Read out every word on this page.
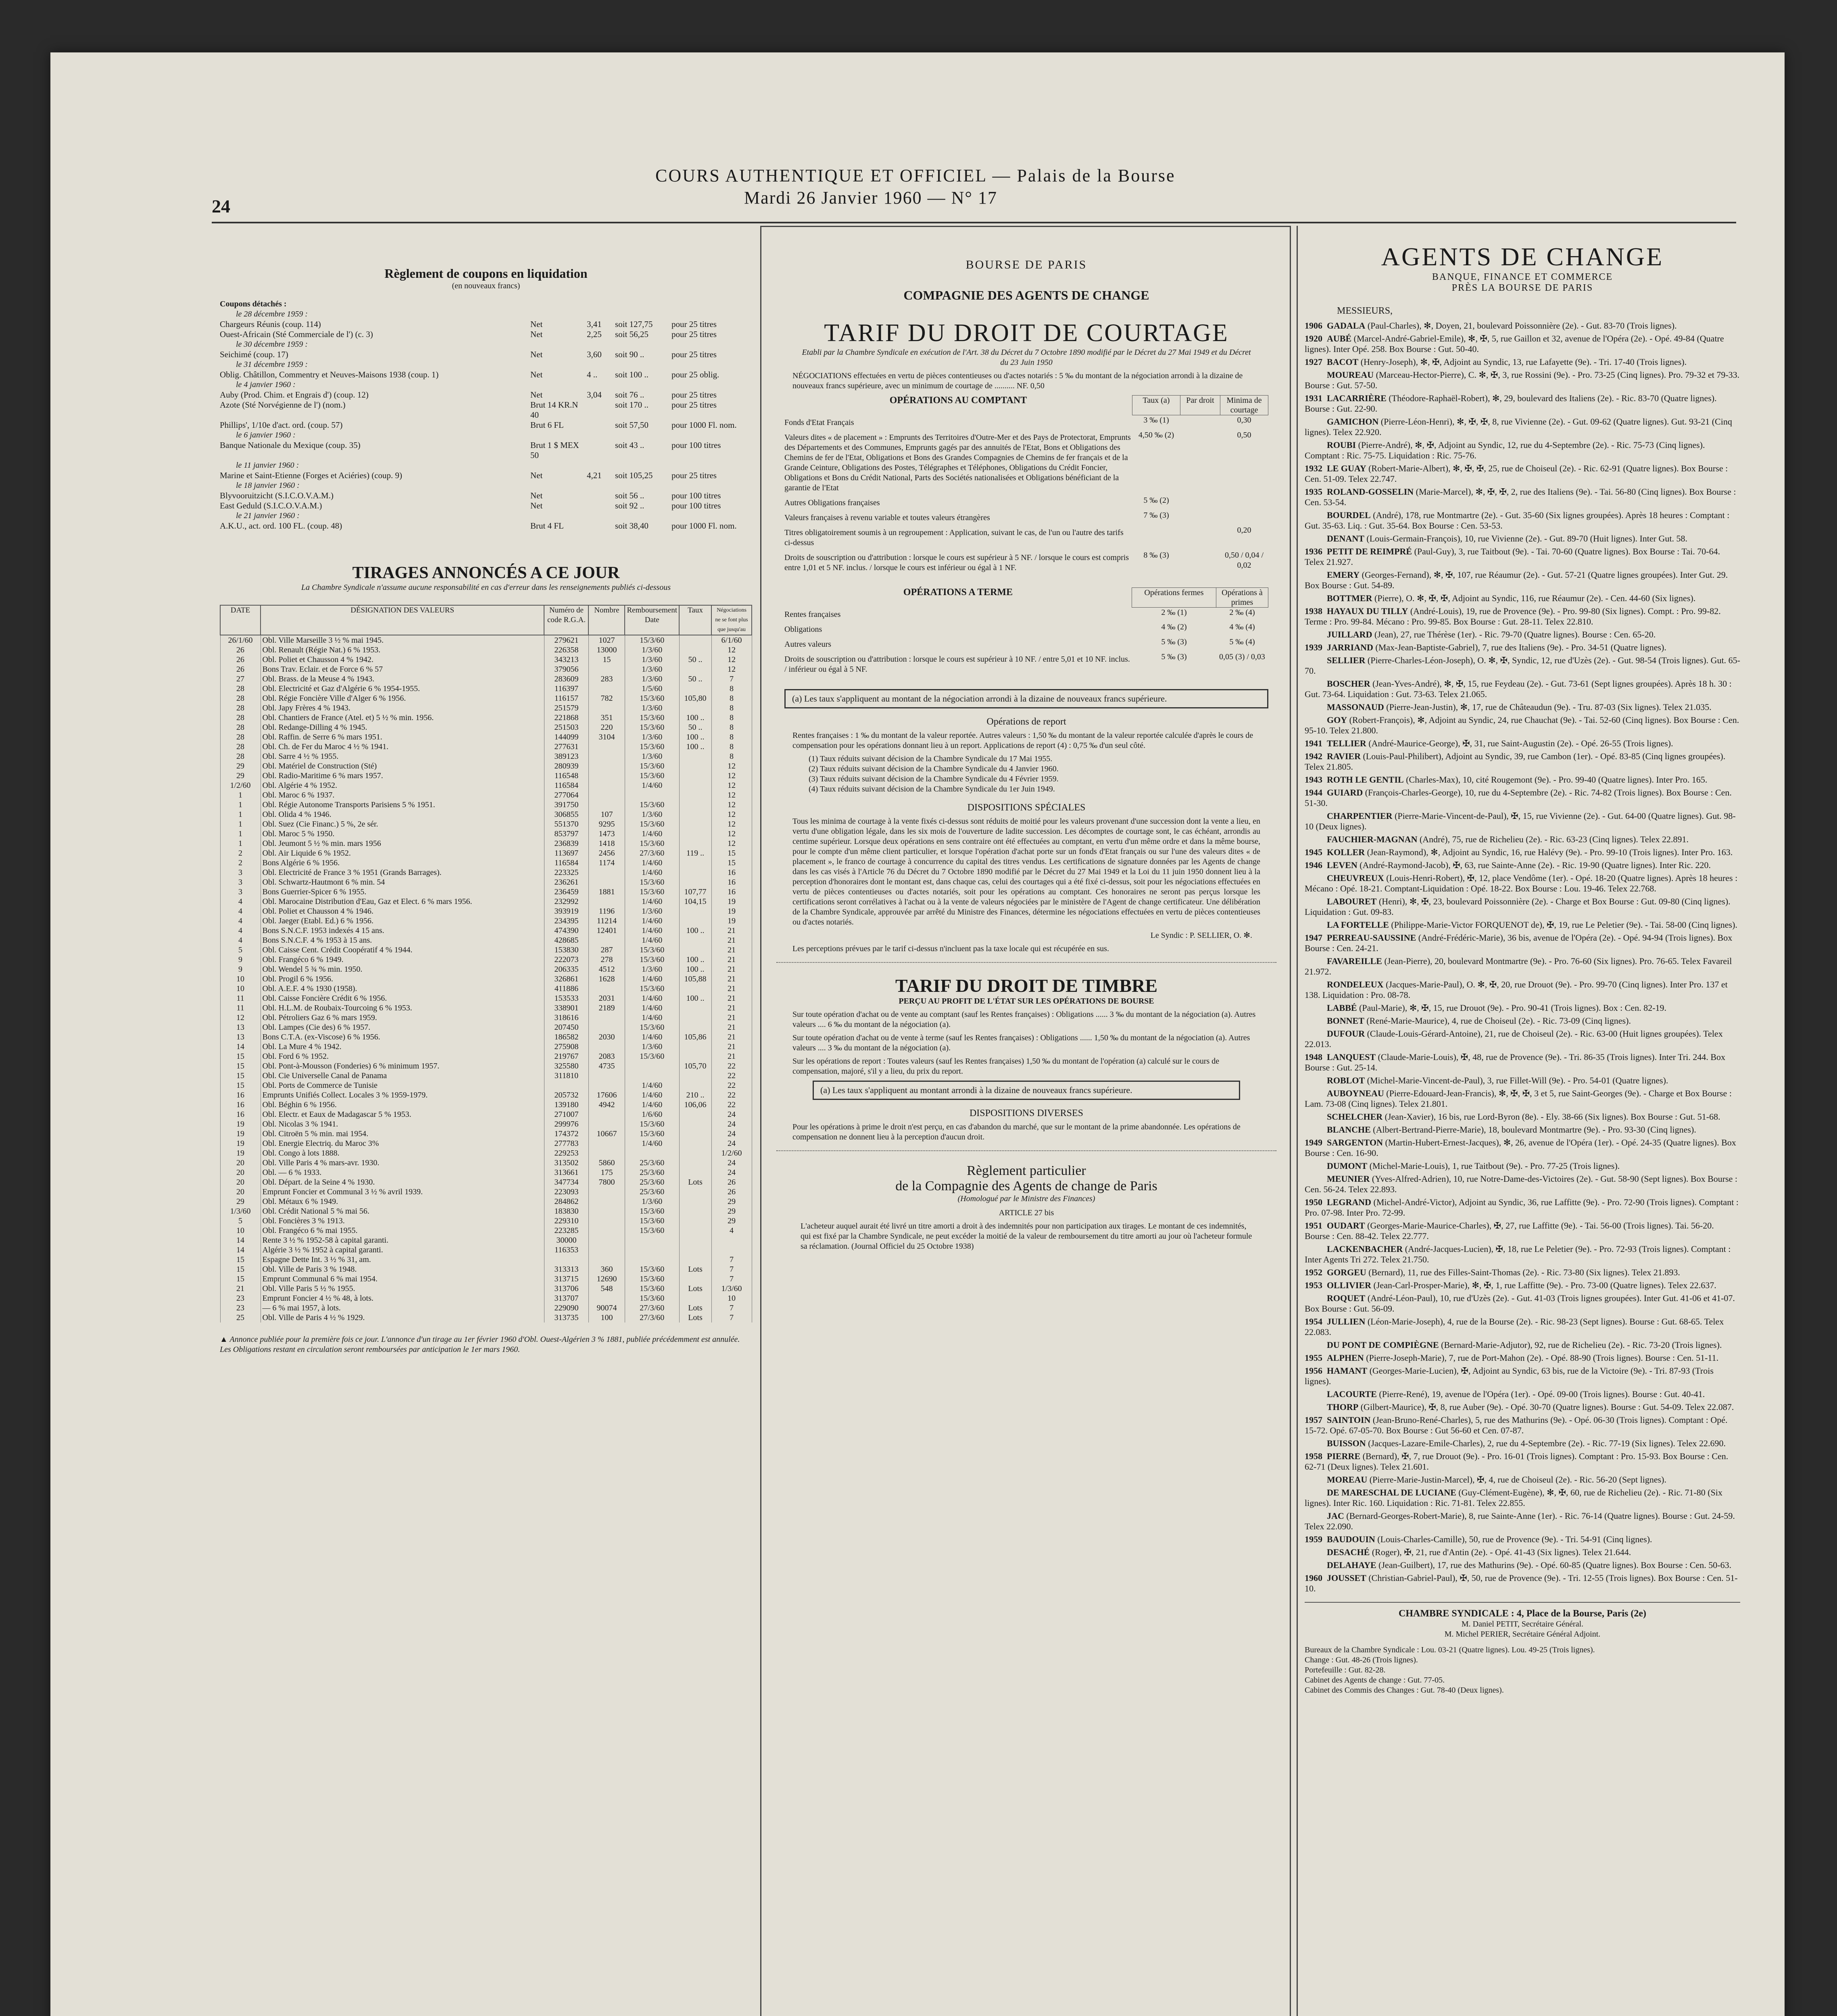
COURS AUTHENTIQUE ET OFFICIEL — Palais de la Bourse
Mardi 26 Janvier 1960 — N° 17
24
Règlement de coupons en liquidation
(en nouveaux francs)
Coupons détachés :
le 28 décembre 1959 :
Chargeurs Réunis (coup. 114)	Net	3,41	soit 127,75	pour 25 titres
Ouest-Africain (Sté Commerciale de l') (c. 3)	Net	2,25	soit 56,25	pour 25 titres
le 30 décembre 1959 :
Seichimé (coup. 17)	Net	3,60	soit 90 ..	pour 25 titres
le 31 décembre 1959 :
Oblig. Châtillon, Commentry et Neuves-Maisons 1938 (coup. 1)	Net	4 ..	soit 100 ..	pour 25 oblig.
le 4 janvier 1960 :
Auby (Prod. Chim. et Engrais d') (coup. 12)	Net	3,04	soit 76 ..	pour 25 titres
Azote (Sté Norvégienne de l') (nom.)	Brut 14 KR.N 40
soit 170 ..	pour 25 titres
Phillips', 1/10e d'act. ord. (coup. 57)	Brut 6 FL	soit 57,50	pour 1000 Fl. nom.
le 6 janvier 1960 :
Banque Nationale du Mexique (coup. 35)	Brut 1 $ MEX 50
soit 43 ..	pour 100 titres
le 11 janvier 1960 :
Marine et Saint-Etienne (Forges et Aciéries) (coup. 9)	Net	4,21	soit 105,25	pour 25 titres
le 18 janvier 1960 :
Blyvooruitzicht (S.I.C.O.V.A.M.)	Net	soit 56 ..	pour 100 titres
East Geduld (S.I.C.O.V.A.M.)	Net	soit 92 ..	pour 100 titres
le 21 janvier 1960 :
A.K.U., act. ord. 100 FL. (coup. 48)	Brut 4 FL	soit 38,40	pour 1000 Fl. nom.
TIRAGES ANNONCÉS A CE JOUR
La Chambre Syndicale n'assume aucune responsabilité en cas d'erreur dans les renseignements publiés ci-dessous
DATE	DÉSIGNATION DES VALEURS	Numéro de code R.G.A.	Nombre	Remboursement
Date	Taux	Négociations ne se font plus que jusqu'au
26/1/60	Obl. Ville Marseille 3 ½ % mai 1945.	279621	1027	15/3/60		6/1/60
26	Obl. Renault (Régie Nat.) 6 % 1953.	226358	13000	1/3/60		12
26	Obl. Poliet et Chausson 4 % 1942.	343213	15	1/3/60	50 ..	12
26	Bons Trav. Eclair. et de Force 6 % 57	379056		1/3/60		12
27	Obl. Brass. de la Meuse 4 % 1943.	283609	283	1/3/60	50 ..	7
28	Obl. Electricité et Gaz d'Algérie 6 % 1954-1955.	116397		1/5/60		8
28	Obl. Régie Foncière Ville d'Alger 6 % 1956.	116157	782	15/3/60	105,80	8
28	Obl. Japy Frères 4 % 1943.	251579		1/3/60		8
28	Obl. Chantiers de France (Atel. et) 5 ½ % min. 1956.	221868	351	15/3/60	100 ..	8
28	Obl. Redange-Dilling 4 % 1945.	251503	220	15/3/60	50 ..	8
28	Obl. Raffin. de Serre 6 % mars 1951.	144099	3104	1/3/60	100 ..	8
28	Obl. Ch. de Fer du Maroc 4 ½ % 1941.	277631		15/3/60	100 ..	8
28	Obl. Sarre 4 ½ % 1955.	389123		1/3/60		8
29	Obl. Matériel de Construction (Sté)	280939		15/3/60		12
29	Obl. Radio-Maritime 6 % mars 1957.	116548		15/3/60		12
1/2/60	Obl. Algérie 4 % 1952.	116584		1/4/60		12
1	Obl. Maroc 6 % 1937.	277064				12
1	Obl. Régie Autonome Transports Parisiens 5 % 1951.	391750		15/3/60		12
1	Obl. Olida 4 % 1946.	306855	107	1/3/60		12
1	Obl. Suez (Cie Financ.) 5 %, 2e sér.	551370	9295	15/3/60		12
1	Obl. Maroc 5 % 1950.	853797	1473	1/4/60		12
1	Obl. Jeumont 5 ½ % min. mars 1956	236839	1418	15/3/60		12
2	Obl. Air Liquide 6 % 1952.	113697	2456	27/3/60	119 ..	15
2	Bons Algérie 6 % 1956.	116584	1174	1/4/60		15
3	Obl. Electricité de France 3 % 1951 (Grands Barrages).	223325		1/4/60		16
3	Obl. Schwartz-Hautmont 6 % min. 54	236261		15/3/60		16
3	Bons Guerrier-Spicer 6 % 1955.	236459	1881	15/3/60	107,77	16
4	Obl. Marocaine Distribution d'Eau, Gaz et Elect. 6 % mars 1956.	232992		1/4/60	104,15	19
4	Obl. Poliet et Chausson 4 % 1946.	393919	1196	1/3/60		19
4	Obl. Jaeger (Etabl. Ed.) 6 % 1956.	234395	11214	1/4/60		19
4	Bons S.N.C.F. 1953 indexés 4 15 ans.	474390	12401	1/4/60	100 ..	21
4	Bons S.N.C.F. 4 % 1953 à 15 ans.	428685		1/4/60		21
5	Obl. Caisse Cent. Crédit Coopératif 4 % 1944.	153830	287	15/3/60		21
9	Obl. Frangéco 6 % 1949.	222073	278	15/3/60	100 ..	21
9	Obl. Wendel 5 ¾ % min. 1950.	206335	4512	1/3/60	100 ..	21
10	Obl. Progil 6 % 1956.	326861	1628	1/4/60	105,88	21
10	Obl. A.E.F. 4 % 1930 (1958).	411886		15/3/60		21
11	Obl. Caisse Foncière Crédit 6 % 1956.	153533	2031	1/4/60	100 ..	21
11	Obl. H.L.M. de Roubaix-Tourcoing 6 % 1953.	338901	2189	1/4/60		21
12	Obl. Pétroliers Gaz 6 % mars 1959.	318616		1/4/60		21
13	Obl. Lampes (Cie des) 6 % 1957.	207450		15/3/60		21
13	Bons C.T.A. (ex-Viscose) 6 % 1956.	186582	2030	1/4/60	105,86	21
14	Obl. La Mure 4 % 1942.	275908		1/3/60		21
15	Obl. Ford 6 % 1952.	219767	2083	15/3/60		21
15	Obl. Pont-à-Mousson (Fonderies) 6 % minimum 1957.	325580	4735		105,70	22
15	Obl. Cie Universelle Canal de Panama	311810				22
15	Obl. Ports de Commerce de Tunisie			1/4/60		22
16	Emprunts Unifiés Collect. Locales 3 % 1959-1979.	205732	17606	1/4/60	210 ..	22
16	Obl. Béghin 6 % 1956.	139180	4942	1/4/60	106,06	22
16	Obl. Electr. et Eaux de Madagascar 5 % 1953.	271007		1/6/60		24
19	Obl. Nicolas 3 % 1941.	299976		15/3/60		24
19	Obl. Citroën 5 % min. mai 1954.	174372	10667	15/3/60		24
19	Obl. Energie Electriq. du Maroc 3%	277783		1/4/60		24
19	Obl. Congo à lots 1888.	229253				1/2/60
20	Obl. Ville Paris 4 % mars-avr. 1930.	313502	5860	25/3/60		24
20	Obl. — 6 % 1933.	313661	175	25/3/60		24
20	Obl. Départ. de la Seine 4 % 1930.	347734	7800	25/3/60	Lots	26
20	Emprunt Foncier et Communal 3 ½ % avril 1939.	223093		25/3/60		26
29	Obl. Métaux 6 % 1949.	284862		1/3/60		29
1/3/60	Obl. Crédit National 5 % mai 56.	183830		15/3/60		29
5	Obl. Foncières 3 % 1913.	229310		15/3/60		29
10	Obl. Frangéco 6 % mai 1955.	223285		15/3/60		4
14	Rente 3 ½ % 1952-58 à capital garanti.	30000				
14	Algérie 3 ½ % 1952 à capital garanti.	116353				
15	Espagne Dette Int. 3 ½ % 31, am.					7
15	Obl. Ville de Paris 3 % 1948.	313313	360	15/3/60	Lots	7
15	Emprunt Communal 6 % mai 1954.	313715	12690	15/3/60		7
21	Obl. Ville Paris 5 ½ % 1955.	313706	548	15/3/60	Lots	1/3/60
23	Emprunt Foncier 4 ½ % 48, à lots.	313707		15/3/60		10
23	— 6 % mai 1957, à lots.	229090	90074	27/3/60	Lots	7
25	Obl. Ville de Paris 4 ½ % 1929.	313735	100	27/3/60	Lots	7
▲ Annonce publiée pour la première fois ce jour. L'annonce d'un tirage au 1er février 1960 d'Obl. Ouest-Algérien 3 % 1881, publiée précédemment est annulée. Les Obligations restant en circulation seront remboursées par anticipation le 1er mars 1960.
BOURSE DE PARIS
COMPAGNIE DES AGENTS DE CHANGE
TARIF DU DROIT DE COURTAGE
Etabli par la Chambre Syndicale en exécution de l'Art. 38 du Décret du 7 Octobre 1890 modifié par le Décret du 27 Mai 1949 et du Décret du 23 Juin 1950

NÉGOCIATIONS effectuées en vertu de pièces contentieuses ou d'actes notariés : 5 ‰ du montant de la négociation arrondi à la dizaine de nouveaux francs supérieure, avec un minimum de courtage de .......... NF. 0,50

OPÉRATIONS AU COMPTANT	Taux (a)	Par droit	Minima de courtage
Fonds d'Etat Français	3 ‰ (1)		0,30
Valeurs dites « de placement » : Emprunts des Territoires d'Outre-Mer et des Pays de Protectorat, Emprunts des Départements et des Communes, Emprunts gagés par des annuités de l'Etat, Bons et Obligations des Chemins de fer de l'Etat, Obligations et Bons des Grandes Compagnies de Chemins de fer français et de la Grande Ceinture, Obligations des Postes, Télégraphes et Téléphones, Obligations du Crédit Foncier, Obligations et Bons du Crédit National, Parts des Sociétés nationalisées et Obligations bénéficiant de la garantie de l'Etat	4,50 ‰ (2)		0,50
Autres Obligations françaises	5 ‰ (2)		
Valeurs françaises à revenu variable et toutes valeurs étrangères	7 ‰ (3)		
Titres obligatoirement soumis à un regroupement : Application, suivant le cas, de l'un ou l'autre des tarifs ci-dessus			0,20
Droits de souscription ou d'attribution : lorsque le cours est supérieur à 5 NF. / lorsque le cours est compris entre 1,01 et 5 NF. inclus. / lorsque le cours est inférieur ou égal à 1 NF.	8 ‰ (3)		0,50 / 0,04 / 0,02
OPÉRATIONS A TERME	Opérations fermes	Opérations à primes
Rentes françaises	2 ‰ (1)	2 ‰ (4)
Obligations	4 ‰ (2)	4 ‰ (4)
Autres valeurs	5 ‰ (3)	5 ‰ (4)
Droits de souscription ou d'attribution : lorsque le cours est supérieur à 10 NF. / entre 5,01 et 10 NF. inclus. / inférieur ou égal à 5 NF.	5 ‰ (3)	0,05 (3) / 0,03
(a) Les taux s'appliquent au montant de la négociation arrondi à la dizaine de nouveaux francs supérieure.
Opérations de report

Rentes françaises : 1 ‰ du montant de la valeur reportée. Autres valeurs : 1,50 ‰ du montant de la valeur reportée calculée d'après le cours de compensation pour les opérations donnant lieu à un report. Applications de report (4) : 0,75 ‰ d'un seul côté.

(1) Taux réduits suivant décision de la Chambre Syndicale du 17 Mai 1955.
(2) Taux réduits suivant décision de la Chambre Syndicale du 4 Janvier 1960.
(3) Taux réduits suivant décision de la Chambre Syndicale du 4 Février 1959.
(4) Taux réduits suivant décision de la Chambre Syndicale du 1er Juin 1949.
DISPOSITIONS SPÉCIALES

Tous les minima de courtage à la vente fixés ci-dessus sont réduits de moitié pour les valeurs provenant d'une succession dont la vente a lieu, en vertu d'une obligation légale, dans les six mois de l'ouverture de ladite succession. Les décomptes de courtage sont, le cas échéant, arrondis au centime supérieur. Lorsque deux opérations en sens contraire ont été effectuées au comptant, en vertu d'un même ordre et dans la même bourse, pour le compte d'un même client particulier, et lorsque l'opération d'achat porte sur un fonds d'Etat français ou sur l'une des valeurs dites « de placement », le franco de courtage à concurrence du capital des titres vendus. Les certifications de signature données par les Agents de change dans les cas visés à l'Article 76 du Décret du 7 Octobre 1890 modifié par le Décret du 27 Mai 1949 et la Loi du 11 juin 1950 donnent lieu à la perception d'honoraires dont le montant est, dans chaque cas, celui des courtages qui a été fixé ci-dessus, soit pour les négociations effectuées en vertu de pièces contentieuses ou d'actes notariés, soit pour les opérations au comptant. Ces honoraires ne seront pas perçus lorsque les certifications seront corrélatives à l'achat ou à la vente de valeurs négociées par le ministère de l'Agent de change certificateur. Une délibération de la Chambre Syndicale, approuvée par arrêté du Ministre des Finances, détermine les négociations effectuées en vertu de pièces contentieuses ou d'actes notariés.

Le Syndic : P. SELLIER, O. ✻.

Les perceptions prévues par le tarif ci-dessus n'incluent pas la taxe locale qui est récupérée en sus.

TARIF DU DROIT DE TIMBRE
PERÇU AU PROFIT DE L'ÉTAT SUR LES OPÉRATIONS DE BOURSE

Sur toute opération d'achat ou de vente au comptant (sauf les Rentes françaises) : Obligations ...... 3 ‰ du montant de la négociation (a). Autres valeurs .... 6 ‰ du montant de la négociation (a).

Sur toute opération d'achat ou de vente à terme (sauf les Rentes françaises) : Obligations ...... 1,50 ‰ du montant de la négociation (a). Autres valeurs .... 3 ‰ du montant de la négociation (a).

Sur les opérations de report : Toutes valeurs (sauf les Rentes françaises) 1,50 ‰ du montant de l'opération (a) calculé sur le cours de compensation, majoré, s'il y a lieu, du prix du report.

(a) Les taux s'appliquent au montant arrondi à la dizaine de nouveaux francs supérieure.
DISPOSITIONS DIVERSES

Pour les opérations à prime le droit n'est perçu, en cas d'abandon du marché, que sur le montant de la prime abandonnée. Les opérations de compensation ne donnent lieu à la perception d'aucun droit.

Règlement particulier
de la Compagnie des Agents de change de Paris
(Homologué par le Ministre des Finances)
ARTICLE 27 bis

L'acheteur auquel aurait été livré un titre amorti a droit à des indemnités pour non participation aux tirages. Le montant de ces indemnités, qui est fixé par la Chambre Syndicale, ne peut excéder la moitié de la valeur de remboursement du titre amorti au jour où l'acheteur formule sa réclamation. (Journal Officiel du 25 Octobre 1938)

AGENTS DE CHANGE
BANQUE, FINANCE ET COMMERCE
PRÈS LA BOURSE DE PARIS
MESSIEURS,
1906 GADALA (Paul-Charles), ✻, Doyen, 21, boulevard Poissonnière (2e). - Gut. 83-70 (Trois lignes).
1920 AUBÉ (Marcel-André-Gabriel-Emile), ✻, ✠, 5, rue Gaillon et 32, avenue de l'Opéra (2e). - Opé. 49-84 (Quatre lignes). Inter Opé. 258. Box Bourse : Gut. 50-40.
1927 BACOT (Henry-Joseph), ✻, ✠, Adjoint au Syndic, 13, rue Lafayette (9e). - Tri. 17-40 (Trois lignes).
MOUREAU (Marceau-Hector-Pierre), C. ✻, ✠, 3, rue Rossini (9e). - Pro. 73-25 (Cinq lignes). Pro. 79-32 et 79-33. Bourse : Gut. 57-50.
1931 LACARRIÈRE (Théodore-Raphaël-Robert), ✻, 29, boulevard des Italiens (2e). - Ric. 83-70 (Quatre lignes). Bourse : Gut. 22-90.
GAMICHON (Pierre-Léon-Henri), ✻, ✠, ✠, 8, rue Vivienne (2e). - Gut. 09-62 (Quatre lignes). Gut. 93-21 (Cinq lignes). Telex 22.920.
ROUBI (Pierre-André), ✻, ✠, Adjoint au Syndic, 12, rue du 4-Septembre (2e). - Ric. 75-73 (Cinq lignes). Comptant : Ric. 75-75. Liquidation : Ric. 75-76.
1932 LE GUAY (Robert-Marie-Albert), ✻, ✠, ✠, 25, rue de Choiseul (2e). - Ric. 62-91 (Quatre lignes). Box Bourse : Cen. 51-09. Telex 22.747.
1935 ROLAND-GOSSELIN (Marie-Marcel), ✻, ✠, ✠, 2, rue des Italiens (9e). - Tai. 56-80 (Cinq lignes). Box Bourse : Cen. 53-54.
BOURDEL (André), 178, rue Montmartre (2e). - Gut. 35-60 (Six lignes groupées). Après 18 heures : Comptant : Gut. 35-63. Liq. : Gut. 35-64. Box Bourse : Cen. 53-53.
DENANT (Louis-Germain-François), 10, rue Vivienne (2e). - Gut. 89-70 (Huit lignes). Inter Gut. 58.
1936 PETIT DE REIMPRÉ (Paul-Guy), 3, rue Taitbout (9e). - Tai. 70-60 (Quatre lignes). Box Bourse : Tai. 70-64. Telex 21.927.
EMERY (Georges-Fernand), ✻, ✠, 107, rue Réaumur (2e). - Gut. 57-21 (Quatre lignes groupées). Inter Gut. 29. Box Bourse : Gut. 54-89.
BOTTMER (Pierre), O. ✻, ✠, ✠, Adjoint au Syndic, 116, rue Réaumur (2e). - Cen. 44-60 (Six lignes).
1938 HAYAUX DU TILLY (André-Louis), 19, rue de Provence (9e). - Pro. 99-80 (Six lignes). Compt. : Pro. 99-82. Terme : Pro. 99-84. Mécano : Pro. 99-85. Box Bourse : Gut. 28-11. Telex 22.810.
JUILLARD (Jean), 27, rue Thérèse (1er). - Ric. 79-70 (Quatre lignes). Bourse : Cen. 65-20.
1939 JARRIAND (Max-Jean-Baptiste-Gabriel), 7, rue des Italiens (9e). - Pro. 34-51 (Quatre lignes).
SELLIER (Pierre-Charles-Léon-Joseph), O. ✻, ✠, Syndic, 12, rue d'Uzès (2e). - Gut. 98-54 (Trois lignes). Gut. 65-70.
BOSCHER (Jean-Yves-André), ✻, ✠, 15, rue Feydeau (2e). - Gut. 73-61 (Sept lignes groupées). Après 18 h. 30 : Gut. 73-64. Liquidation : Gut. 73-63. Telex 21.065.
MASSONAUD (Pierre-Jean-Justin), ✻, 17, rue de Châteaudun (9e). - Tru. 87-03 (Six lignes). Telex 21.035.
GOY (Robert-François), ✻, Adjoint au Syndic, 24, rue Chauchat (9e). - Tai. 52-60 (Cinq lignes). Box Bourse : Cen. 95-10. Telex 21.800.
1941 TELLIER (André-Maurice-George), ✠, 31, rue Saint-Augustin (2e). - Opé. 26-55 (Trois lignes).
1942 RAVIER (Louis-Paul-Philibert), Adjoint au Syndic, 39, rue Cambon (1er). - Opé. 83-85 (Cinq lignes groupées). Telex 21.805.
1943 ROTH LE GENTIL (Charles-Max), 10, cité Rougemont (9e). - Pro. 99-40 (Quatre lignes). Inter Pro. 165.
1944 GUIARD (François-Charles-George), 10, rue du 4-Septembre (2e). - Ric. 74-82 (Trois lignes). Box Bourse : Cen. 51-30.
CHARPENTIER (Pierre-Marie-Vincent-de-Paul), ✠, 15, rue Vivienne (2e). - Gut. 64-00 (Quatre lignes). Gut. 98-10 (Deux lignes).
FAUCHIER-MAGNAN (André), 75, rue de Richelieu (2e). - Ric. 63-23 (Cinq lignes). Telex 22.891.
1945 KOLLER (Jean-Raymond), ✻, Adjoint au Syndic, 16, rue Halévy (9e). - Pro. 99-10 (Trois lignes). Inter Pro. 163.
1946 LEVEN (André-Raymond-Jacob), ✠, 63, rue Sainte-Anne (2e). - Ric. 19-90 (Quatre lignes). Inter Ric. 220.
CHEUVREUX (Louis-Henri-Robert), ✠, 12, place Vendôme (1er). - Opé. 18-20 (Quatre lignes). Après 18 heures : Mécano : Opé. 18-21. Comptant-Liquidation : Opé. 18-22. Box Bourse : Lou. 19-46. Telex 22.768.
LABOURET (Henri), ✻, ✠, 23, boulevard Poissonnière (2e). - Charge et Box Bourse : Gut. 09-80 (Cinq lignes). Liquidation : Gut. 09-83.
LA FORTELLE (Philippe-Marie-Victor FORQUENOT de), ✠, 19, rue Le Peletier (9e). - Tai. 58-00 (Cinq lignes).
1947 PERREAU-SAUSSINE (André-Frédéric-Marie), 36 bis, avenue de l'Opéra (2e). - Opé. 94-94 (Trois lignes). Box Bourse : Cen. 24-21.
FAVAREILLE (Jean-Pierre), 20, boulevard Montmartre (9e). - Pro. 76-60 (Six lignes). Pro. 76-65. Telex Favareil 21.972.
RONDELEUX (Jacques-Marie-Paul), O. ✻, ✠, 20, rue Drouot (9e). - Pro. 99-70 (Cinq lignes). Inter Pro. 137 et 138. Liquidation : Pro. 08-78.
LABBÉ (Paul-Marie), ✻, ✠, 15, rue Drouot (9e). - Pro. 90-41 (Trois lignes). Box : Cen. 82-19.
BONNET (René-Marie-Maurice), 4, rue de Choiseul (2e). - Ric. 73-09 (Cinq lignes).
DUFOUR (Claude-Louis-Gérard-Antoine), 21, rue de Choiseul (2e). - Ric. 63-00 (Huit lignes groupées). Telex 22.013.
1948 LANQUEST (Claude-Marie-Louis), ✠, 48, rue de Provence (9e). - Tri. 86-35 (Trois lignes). Inter Tri. 244. Box Bourse : Gut. 25-14.
ROBLOT (Michel-Marie-Vincent-de-Paul), 3, rue Fillet-Will (9e). - Pro. 54-01 (Quatre lignes).
AUBOYNEAU (Pierre-Edouard-Jean-Francis), ✻, ✠, ✠, 3 et 5, rue Saint-Georges (9e). - Charge et Box Bourse : Lam. 73-08 (Cinq lignes). Telex 21.801.
SCHELCHER (Jean-Xavier), 16 bis, rue Lord-Byron (8e). - Ely. 38-66 (Six lignes). Box Bourse : Gut. 51-68.
BLANCHE (Albert-Bertrand-Pierre-Marie), 18, boulevard Montmartre (9e). - Pro. 93-30 (Cinq lignes).
1949 SARGENTON (Martin-Hubert-Ernest-Jacques), ✻, 26, avenue de l'Opéra (1er). - Opé. 24-35 (Quatre lignes). Box Bourse : Cen. 16-90.
DUMONT (Michel-Marie-Louis), 1, rue Taitbout (9e). - Pro. 77-25 (Trois lignes).
MEUNIER (Yves-Alfred-Adrien), 10, rue Notre-Dame-des-Victoires (2e). - Gut. 58-90 (Sept lignes). Box Bourse : Cen. 56-24. Telex 22.893.
1950 LEGRAND (Michel-André-Victor), Adjoint au Syndic, 36, rue Laffitte (9e). - Pro. 72-90 (Trois lignes). Comptant : Pro. 07-98. Inter Pro. 72-99.
1951 OUDART (Georges-Marie-Maurice-Charles), ✠, 27, rue Laffitte (9e). - Tai. 56-00 (Trois lignes). Tai. 56-20. Bourse : Cen. 88-42. Telex 22.777.
LACKENBACHER (André-Jacques-Lucien), ✠, 18, rue Le Peletier (9e). - Pro. 72-93 (Trois lignes). Comptant : Inter Agents Tri 272. Telex 21.750.
1952 GORGEU (Bernard), 11, rue des Filles-Saint-Thomas (2e). - Ric. 73-80 (Six lignes). Telex 21.893.
1953 OLLIVIER (Jean-Carl-Prosper-Marie), ✻, ✠, 1, rue Laffitte (9e). - Pro. 73-00 (Quatre lignes). Telex 22.637.
ROQUET (André-Léon-Paul), 10, rue d'Uzès (2e). - Gut. 41-03 (Trois lignes groupées). Inter Gut. 41-06 et 41-07. Box Bourse : Gut. 56-09.
1954 JULLIEN (Léon-Marie-Joseph), 4, rue de la Bourse (2e). - Ric. 98-23 (Sept lignes). Bourse : Gut. 68-65. Telex 22.083.
DU PONT DE COMPIÈGNE (Bernard-Marie-Adjutor), 92, rue de Richelieu (2e). - Ric. 73-20 (Trois lignes).
1955 ALPHEN (Pierre-Joseph-Marie), 7, rue de Port-Mahon (2e). - Opé. 88-90 (Trois lignes). Bourse : Cen. 51-11.
1956 HAMANT (Georges-Marie-Lucien), ✠, Adjoint au Syndic, 63 bis, rue de la Victoire (9e). - Tri. 87-93 (Trois lignes).
LACOURTE (Pierre-René), 19, avenue de l'Opéra (1er). - Opé. 09-00 (Trois lignes). Bourse : Gut. 40-41.
THORP (Gilbert-Maurice), ✠, 8, rue Auber (9e). - Opé. 30-70 (Quatre lignes). Bourse : Gut. 54-09. Telex 22.087.
1957 SAINTOIN (Jean-Bruno-René-Charles), 5, rue des Mathurins (9e). - Opé. 06-30 (Trois lignes). Comptant : Opé. 15-72. Opé. 67-05-70. Box Bourse : Gut 56-60 et Cen. 07-87.
BUISSON (Jacques-Lazare-Emile-Charles), 2, rue du 4-Septembre (2e). - Ric. 77-19 (Six lignes). Telex 22.690.
1958 PIERRE (Bernard), ✠, 7, rue Drouot (9e). - Pro. 16-01 (Trois lignes). Comptant : Pro. 15-93. Box Bourse : Cen. 62-71 (Deux lignes). Telex 21.601.
MOREAU (Pierre-Marie-Justin-Marcel), ✠, 4, rue de Choiseul (2e). - Ric. 56-20 (Sept lignes).
DE MARESCHAL DE LUCIANE (Guy-Clément-Eugène), ✻, ✠, 60, rue de Richelieu (2e). - Ric. 71-80 (Six lignes). Inter Ric. 160. Liquidation : Ric. 71-81. Telex 22.855.
JAC (Bernard-Georges-Robert-Marie), 8, rue Sainte-Anne (1er). - Ric. 76-14 (Quatre lignes). Bourse : Gut. 24-59. Telex 22.090.
1959 BAUDOUIN (Louis-Charles-Camille), 50, rue de Provence (9e). - Tri. 54-91 (Cinq lignes).
DESACHÉ (Roger), ✠, 21, rue d'Antin (2e). - Opé. 41-43 (Six lignes). Telex 21.644.
DELAHAYE (Jean-Guilbert), 17, rue des Mathurins (9e). - Opé. 60-85 (Quatre lignes). Box Bourse : Cen. 50-63.
1960 JOUSSET (Christian-Gabriel-Paul), ✠, 50, rue de Provence (9e). - Tri. 12-55 (Trois lignes). Box Bourse : Cen. 51-10.
CHAMBRE SYNDICALE : 4, Place de la Bourse, Paris (2e)
M. Daniel PETIT, Secrétaire Général.
M. Michel PERIER, Secrétaire Général Adjoint.
Bureaux de la Chambre Syndicale : Lou. 03-21 (Quatre lignes). Lou. 49-25 (Trois lignes).
Change : Gut. 48-26 (Trois lignes).
Portefeuille : Gut. 82-28.
Cabinet des Agents de change : Gut. 77-05.
Cabinet des Commis des Changes : Gut. 78-40 (Deux lignes).
